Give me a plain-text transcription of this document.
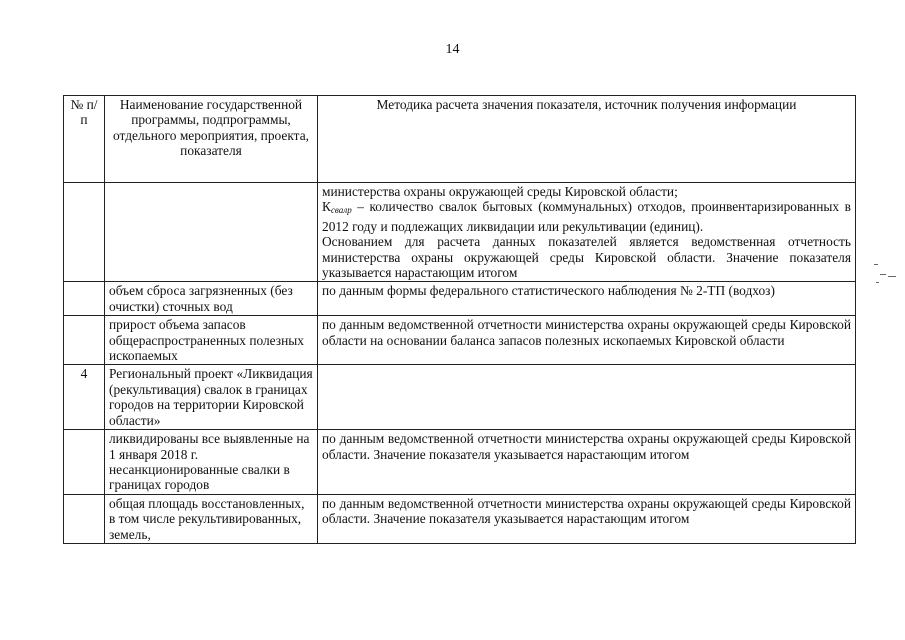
14
№ п/п	Наименование государственной программы, подпрограммы, отдельного мероприятия, проекта, показателя	Методика расчета значения показателя, источник получения информации

		министерства охраны окружающей среды Кировской области;
$К_{свалр}$ – количество свалок бытовых (коммунальных) отходов, проинвентаризированных в 2012 году и подлежащих ликвидации или рекультивации (единиц).
Основанием для расчета данных показателей является ведомственная отчетность министерства охраны окружающей среды Кировской области. Значение показателя указывается нарастающим итогом

	объем сброса загрязненных (без очистки) сточных вод	по данным формы федерального статистического наблюдения № 2-ТП (водхоз)
	прирост объема запасов общераспространенных полезных ископаемых	по данным ведомственной отчетности министерства охраны окружающей среды Кировской области на основании баланса запасов полезных ископаемых Кировской области
4	Региональный проект «Ликвидация (рекультивация) свалок в границах городов на территории Кировской области»	
	ликвидированы все выявленные на 1 января 2018 г. несанкционированные свалки в границах городов	по данным ведомственной отчетности министерства охраны окружающей среды Кировской области. Значение показателя указывается нарастающим итогом
	общая площадь восстановленных, в том числе рекультивированных, земель,	по данным ведомственной отчетности министерства охраны окружающей среды Кировской области. Значение показателя указывается нарастающим итогом
